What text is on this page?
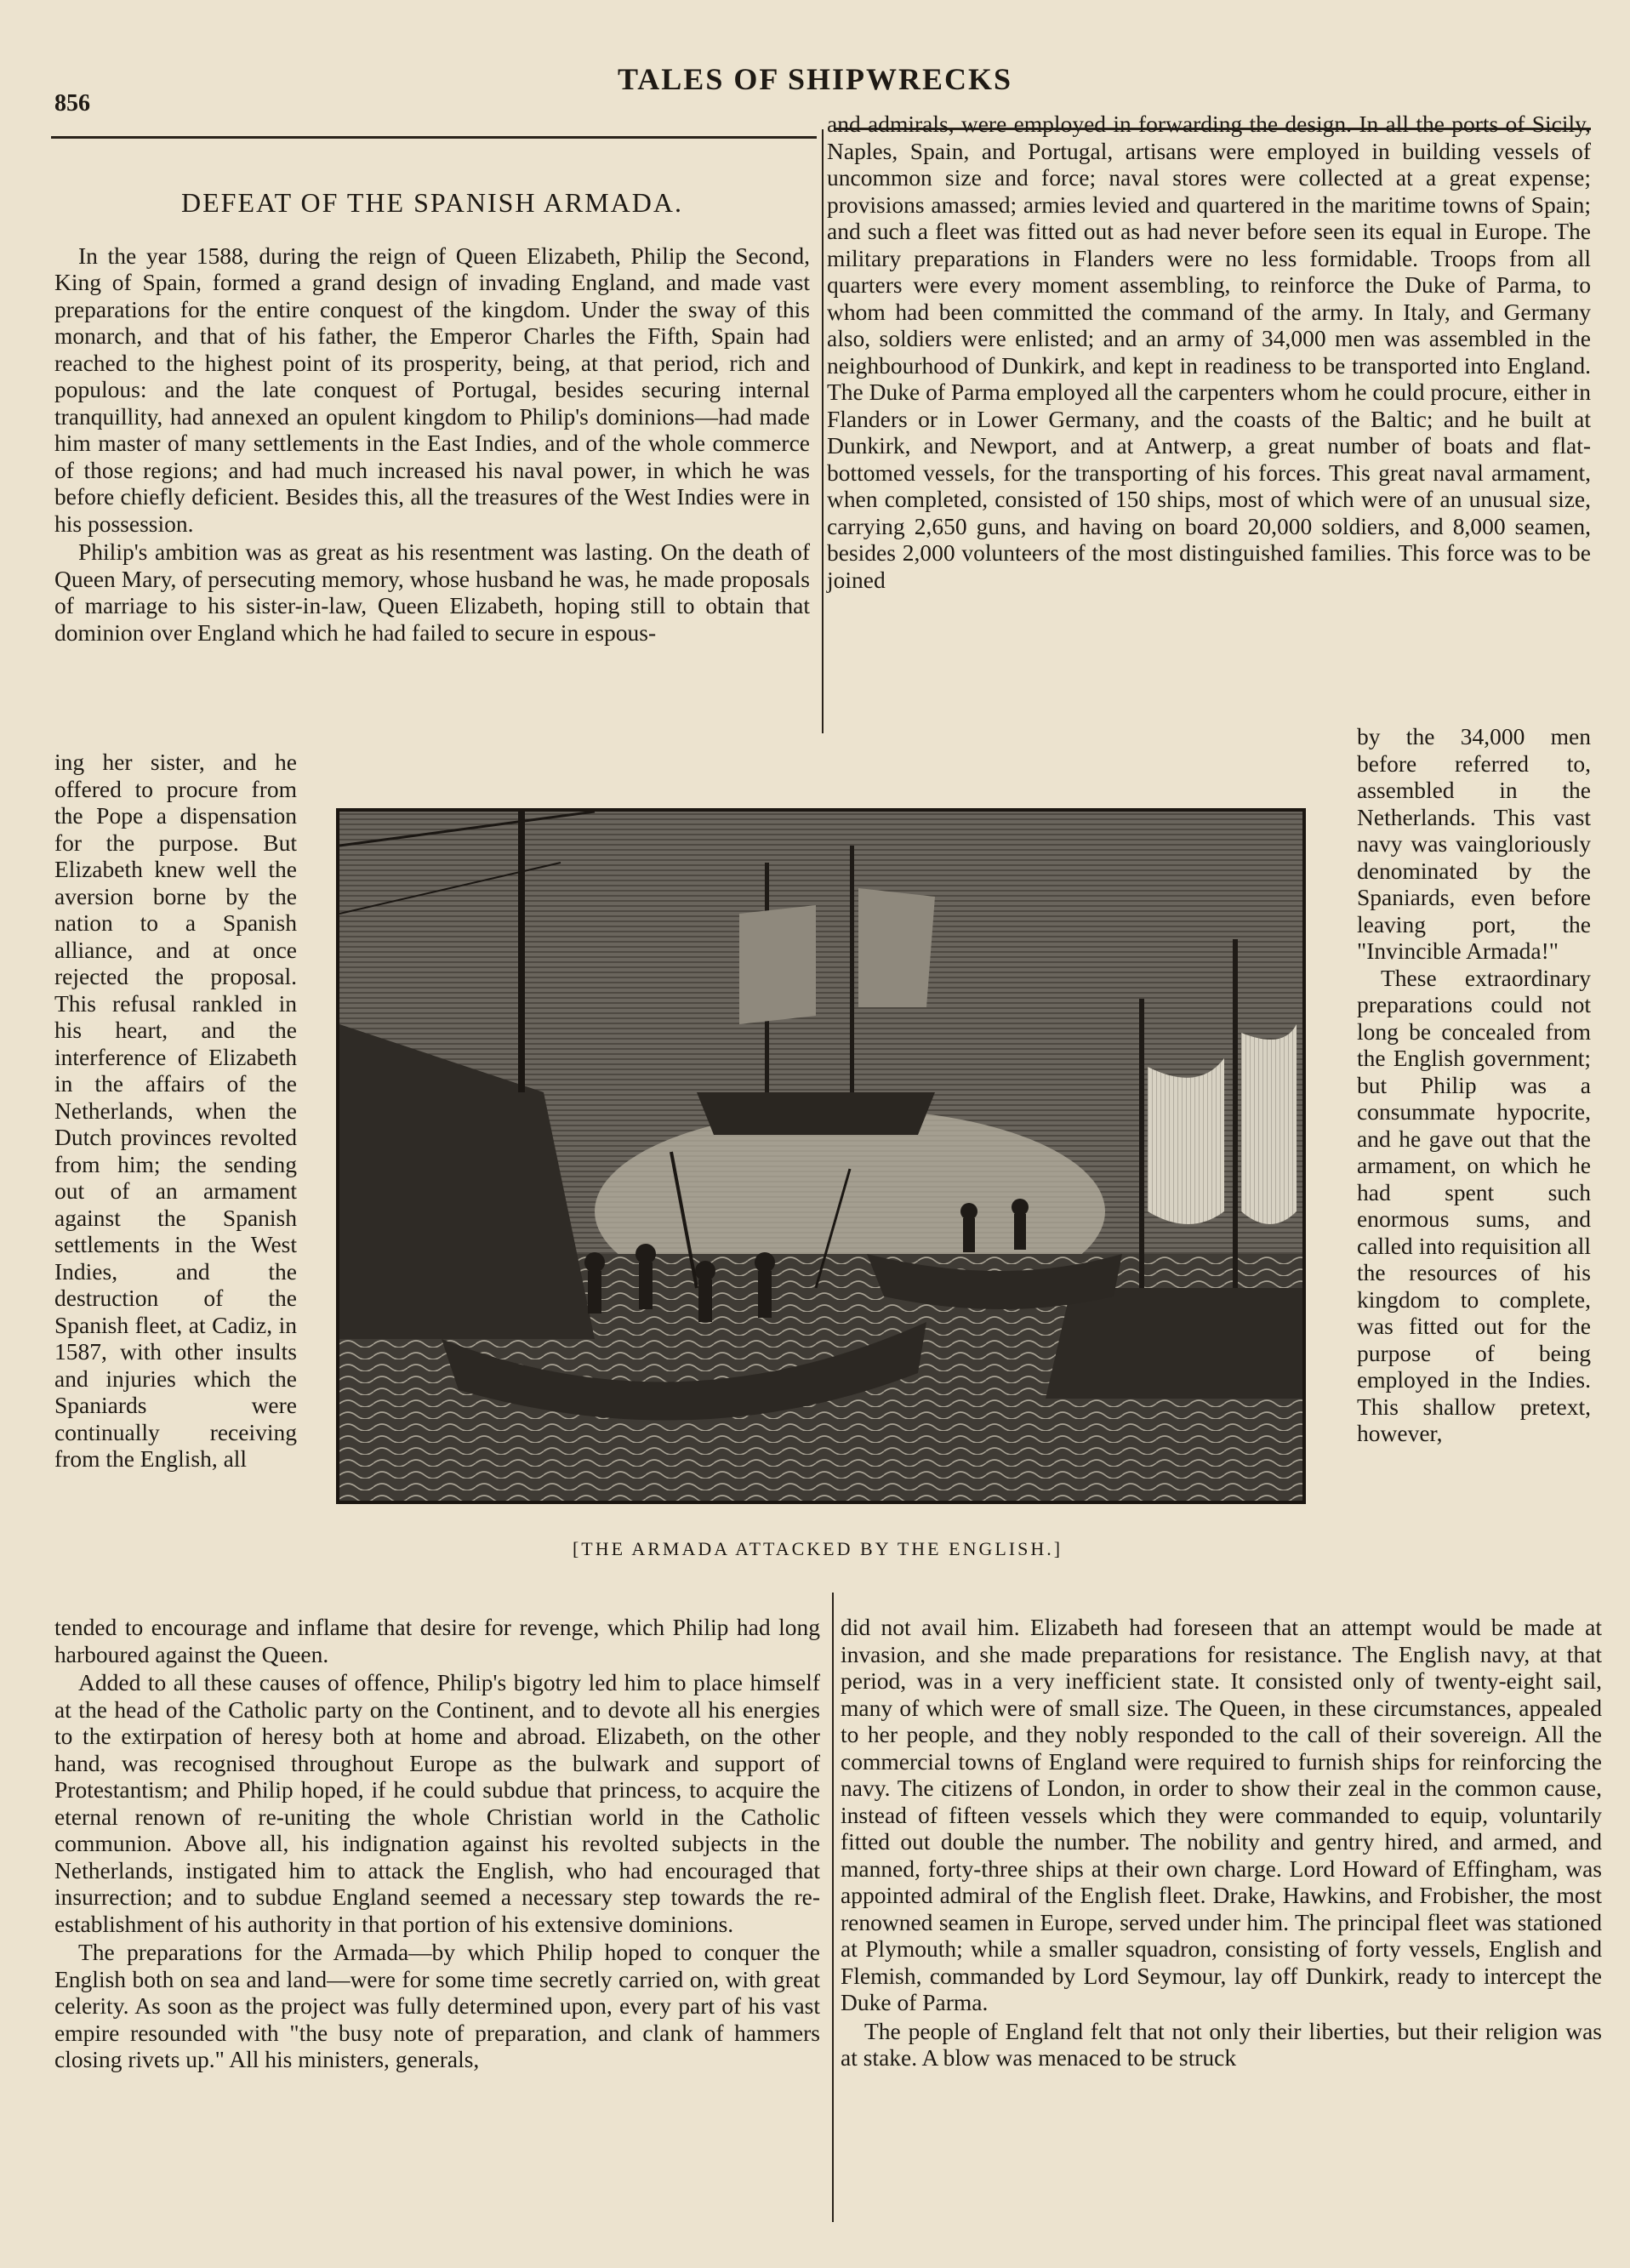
TALES OF SHIPWRECKS
856
DEFEAT OF THE SPANISH ARMADA.

In the year 1588, during the reign of Queen Elizabeth, Philip the Second, King of Spain, formed a grand design of invading England, and made vast preparations for the entire conquest of the kingdom. Under the sway of this monarch, and that of his father, the Emperor Charles the Fifth, Spain had reached to the highest point of its prosperity, being, at that period, rich and populous: and the late conquest of Portugal, besides securing internal tranquillity, had annexed an opulent kingdom to Philip's dominions—had made him master of many settlements in the East Indies, and of the whole commerce of those regions; and had much increased his naval power, in which he was before chiefly deficient. Besides this, all the treasures of the West Indies were in his possession.

Philip's ambition was as great as his resentment was lasting. On the death of Queen Mary, of persecuting memory, whose husband he was, he made proposals of marriage to his sister-in-law, Queen Elizabeth, hoping still to obtain that dominion over England which he had failed to secure in espous-

and admirals, were employed in forwarding the design. In all the ports of Sicily, Naples, Spain, and Portugal, artisans were employed in building vessels of uncommon size and force; naval stores were collected at a great expense; provisions amassed; armies levied and quartered in the maritime towns of Spain; and such a fleet was fitted out as had never before seen its equal in Europe. The military preparations in Flanders were no less formidable. Troops from all quarters were every moment assembling, to reinforce the Duke of Parma, to whom had been committed the command of the army. In Italy, and Germany also, soldiers were enlisted; and an army of 34,000 men was assembled in the neighbourhood of Dunkirk, and kept in readiness to be transported into England. The Duke of Parma employed all the carpenters whom he could procure, either in Flanders or in Lower Germany, and the coasts of the Baltic; and he built at Dunkirk, and Newport, and at Antwerp, a great number of boats and flat-bottomed vessels, for the transporting of his forces. This great naval armament, when completed, consisted of 150 ships, most of which were of an unusual size, carrying 2,650 guns, and having on board 20,000 soldiers, and 8,000 seamen, besides 2,000 volunteers of the most distinguished families. This force was to be joined

ing her sister, and he offered to procure from the Pope a dispensation for the purpose. But Elizabeth knew well the aversion borne by the nation to a Spanish alliance, and at once rejected the proposal. This refusal rankled in his heart, and the interference of Elizabeth in the affairs of the Netherlands, when the Dutch provinces revolted from him; the sending out of an armament against the Spanish settlements in the West Indies, and the destruction of the Spanish fleet, at Cadiz, in 1587, with other insults and injuries which the Spaniards were continually receiving from the English, all

by the 34,000 men before referred to, assembled in the Netherlands. This vast navy was vaingloriously denominated by the Spaniards, even before leaving port, the "Invincible Armada!"

These extraordinary preparations could not long be concealed from the English government; but Philip was a consummate hypocrite, and he gave out that the armament, on which he had spent such enormous sums, and called into requisition all the resources of his kingdom to complete, was fitted out for the purpose of being employed in the Indies. This shallow pretext, however,

[THE ARMADA ATTACKED BY THE ENGLISH.]

tended to encourage and inflame that desire for revenge, which Philip had long harboured against the Queen.

Added to all these causes of offence, Philip's bigotry led him to place himself at the head of the Catholic party on the Continent, and to devote all his energies to the extirpation of heresy both at home and abroad. Elizabeth, on the other hand, was recognised throughout Europe as the bulwark and support of Protestantism; and Philip hoped, if he could subdue that princess, to acquire the eternal renown of re-uniting the whole Christian world in the Catholic communion. Above all, his indignation against his revolted subjects in the Netherlands, instigated him to attack the English, who had encouraged that insurrection; and to subdue England seemed a necessary step towards the re-establishment of his authority in that portion of his extensive dominions.

The preparations for the Armada—by which Philip hoped to conquer the English both on sea and land—were for some time secretly carried on, with great celerity. As soon as the project was fully determined upon, every part of his vast empire resounded with "the busy note of preparation, and clank of hammers closing rivets up." All his ministers, generals,

did not avail him. Elizabeth had foreseen that an attempt would be made at invasion, and she made preparations for resistance. The English navy, at that period, was in a very inefficient state. It consisted only of twenty-eight sail, many of which were of small size. The Queen, in these circumstances, appealed to her people, and they nobly responded to the call of their sovereign. All the commercial towns of England were required to furnish ships for reinforcing the navy. The citizens of London, in order to show their zeal in the common cause, instead of fifteen vessels which they were commanded to equip, voluntarily fitted out double the number. The nobility and gentry hired, and armed, and manned, forty-three ships at their own charge. Lord Howard of Effingham, was appointed admiral of the English fleet. Drake, Hawkins, and Frobisher, the most renowned seamen in Europe, served under him. The principal fleet was stationed at Plymouth; while a smaller squadron, consisting of forty vessels, English and Flemish, commanded by Lord Seymour, lay off Dunkirk, ready to intercept the Duke of Parma.

The people of England felt that not only their liberties, but their religion was at stake. A blow was menaced to be struck
